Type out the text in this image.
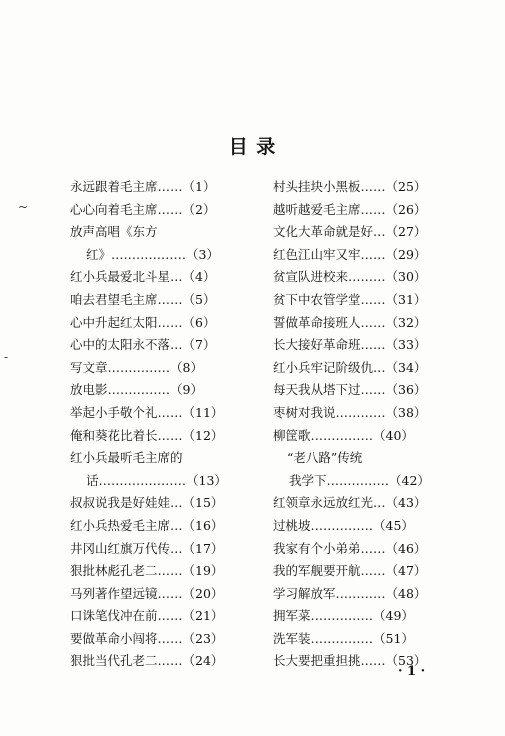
目 录
~
-
永远跟着毛主席……（1）
心心向着毛主席……（2）
放声高唱《东方
红》………………（3）
红小兵最爱北斗星…（4）
咱去君望毛主席……（5）
心中升起红太阳……（6）
心中的太阳永不落…（7）
写文章……………（8）
放电影……………（9）
举起小手敬个礼……（11）
俺和葵花比着长……（12）
红小兵最听毛主席的
话…………………（13）
叔叔说我是好娃娃…（15）
红小兵热爱毛主席…（16）
井冈山红旗万代传…（17）
狠批林彪孔老二……（19）
马列著作望远镜……（20）
口诛笔伐冲在前……（21）
要做革命小闯将……（23）
狠批当代孔老二……（24）
村头挂块小黑板……（25）
越听越爱毛主席……（26）
文化大革命就是好…（27）
红色江山牢又牢……（29）
贫宣队进校来………（30）
贫下中农管学堂……（31）
誓做革命接班人……（32）
长大接好革命班……（33）
红小兵牢记阶级仇…（34）
每天我从塔下过……（36）
枣树对我说…………（38）
柳筐歌……………（40）
“老八路”传统
我学下……………（42）
红领章永远放红光…（43）
过桃坡……………（45）
我家有个小弟弟……（46）
我的军舰要开航……（47）
学习解放军…………（48）
拥军菜……………（49）
洗军装……………（51）
长大要把重担挑……（53）
· 1 ·
